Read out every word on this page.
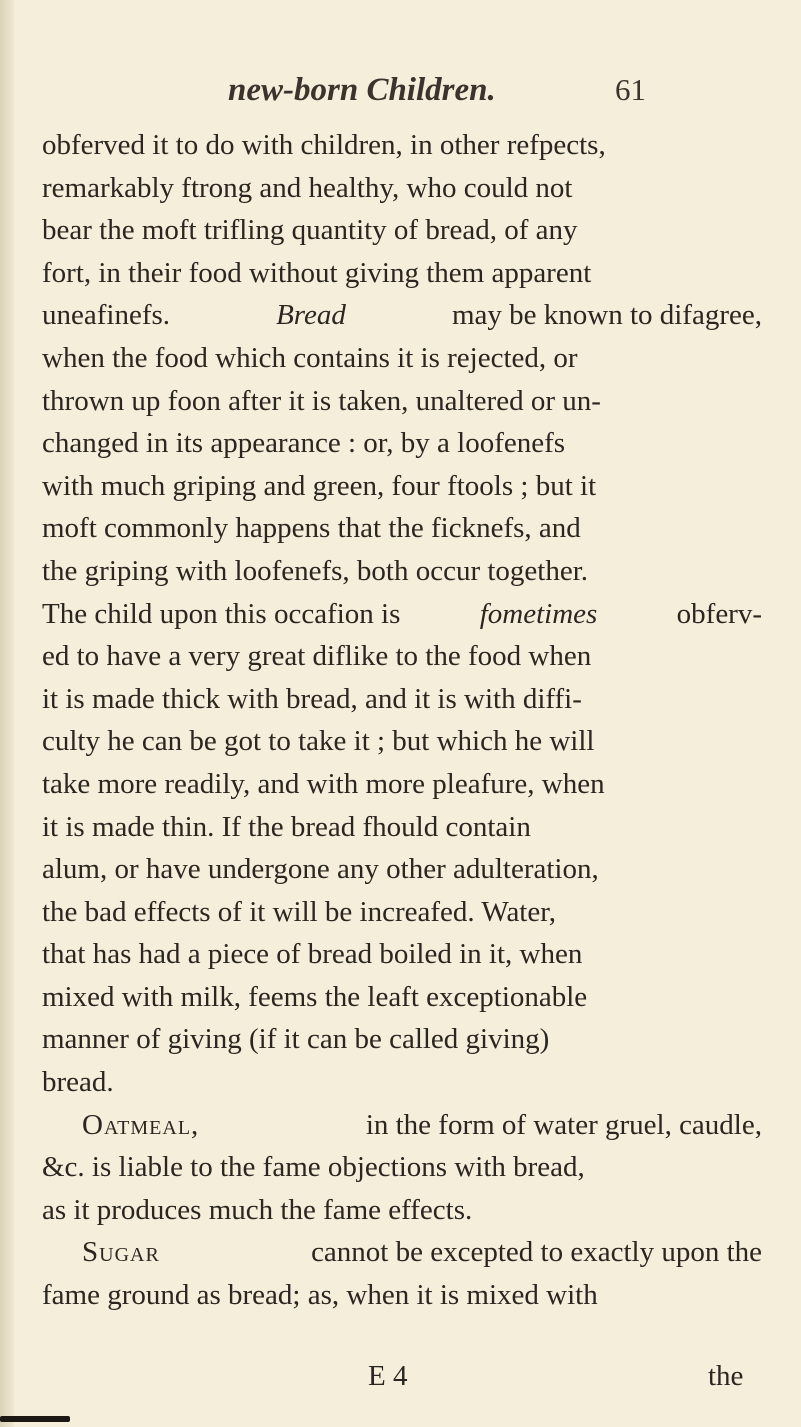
new-born Children.	61
obferved it to do with children, in other refpects,
remarkably ftrong and healthy, who could not
bear the moft trifling quantity of bread, of any
fort, in their food without giving them apparent
uneafinefs.	Bread	may be known to difagree,
when the food which contains it is rejected, or
thrown up foon after it is taken, unaltered or un-
changed in its appearance : or, by a loofenefs
with much griping and green, four ftools ; but it
moft commonly happens that the ficknefs, and
the griping with loofenefs, both occur together.
The child upon this occafion is	fometimes	obferv-
ed to have a very great diflike to the food when
it is made thick with bread, and it is with diffi-
culty he can be got to take it ; but which he will
take more readily, and with more pleafure, when
it is made thin. If the bread fhould contain
alum, or have undergone any other adulteration,
the bad effects of it will be increafed. Water,
that has had a piece of bread boiled in it, when
mixed with milk, feems the leaft exceptionable
manner of giving (if it can be called giving)
bread.
Oatmeal,	in the form of water gruel, caudle,
&c. is liable to the fame objections with bread,
as it produces much the fame effects.
Sugar	cannot be excepted to exactly upon the
fame ground as bread; as, when it is mixed with
E 4	the
